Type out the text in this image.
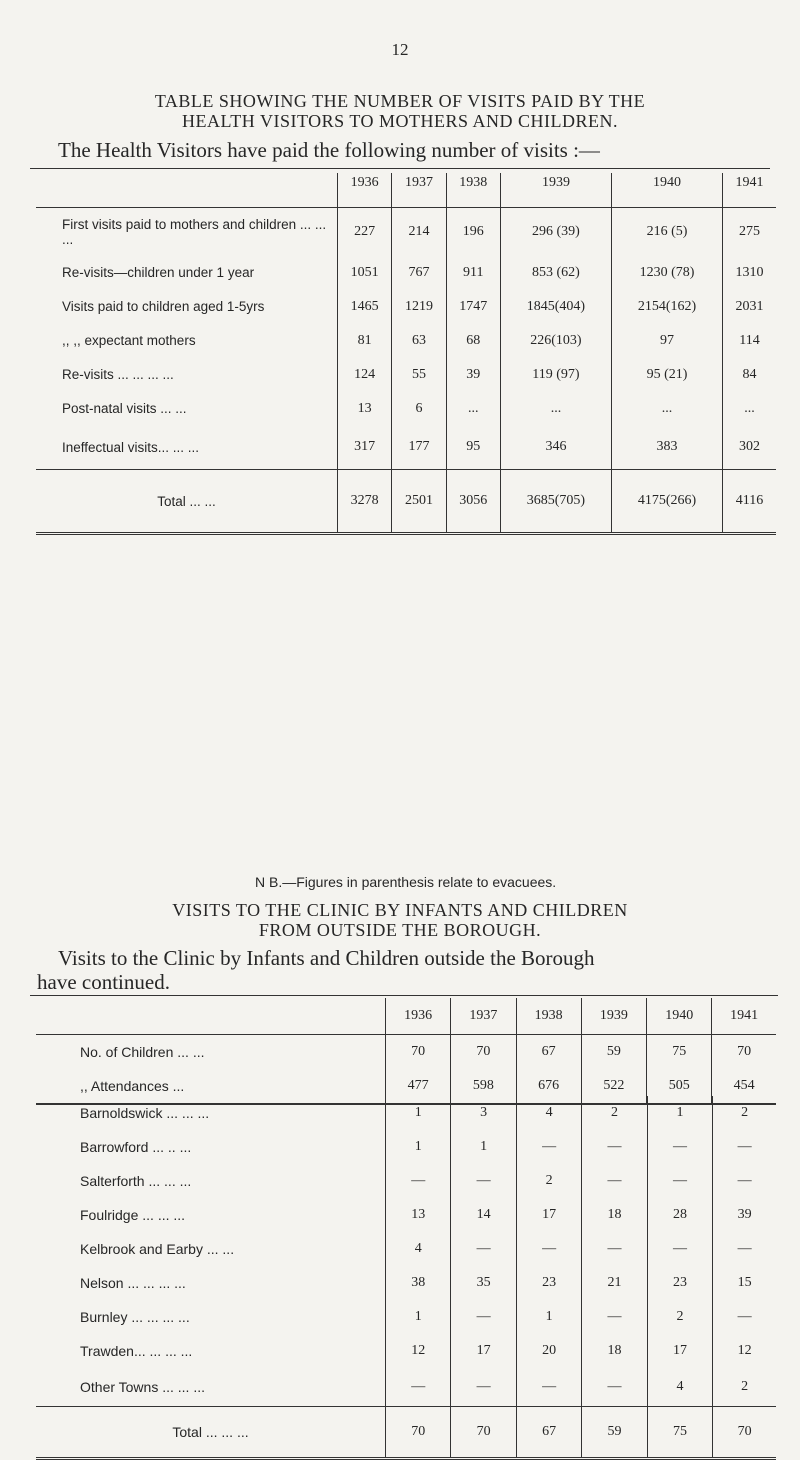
12
TABLE SHOWING THE NUMBER OF VISITS PAID BY THE
HEALTH VISITORS TO MOTHERS AND CHILDREN.
The Health Visitors have paid the following number of visits :—
	1936	1937	1938	1939	1940	1941
First visits paid to mothers and children ... ... ...	227	214	196	296 (39)	216 (5)	275
Re-visits—children under 1 year	1051	767	911	853 (62)	1230 (78)	1310
Visits paid to children aged 1-5yrs	1465	1219	1747	1845(404)	2154(162)	2031
,, ,, expectant mothers	81	63	68	226(103)	97	114
Re-visits ... ... ... ...	124	55	39	119 (97)	95 (21)	84
Post-natal visits ... ...	13	6	...	...	...	...
Ineffectual visits... ... ...	317	177	95	346	383	302
Total ... ...	3278	2501	3056	3685(705)	4175(266)	4116
N B.—Figures in parenthesis relate to evacuees.
VISITS TO THE CLINIC BY INFANTS AND CHILDREN
FROM OUTSIDE THE BOROUGH.
Visits to the Clinic by Infants and Children outside the Borough
have continued.
	1936	1937	1938	1939	1940	1941
No. of Children ... ...	70	70	67	59	75	70
,, Attendances ...	477	598	676	522	505	454
Barnoldswick ... ... ...	1	3	4	2	1	2
Barrowford ... .. ...	1	1	—	—	—	—
Salterforth ... ... ...	—	—	2	—	—	—
Foulridge ... ... ...	13	14	17	18	28	39
Kelbrook and Earby ... ...	4	—	—	—	—	—
Nelson ... ... ... ...	38	35	23	21	23	15
Burnley ... ... ... ...	1	—	1	—	2	—
Trawden... ... ... ...	12	17	20	18	17	12
Other Towns ... ... ...	—	—	—	—	4	2
Total ... ... ...	70	70	67	59	75	70
